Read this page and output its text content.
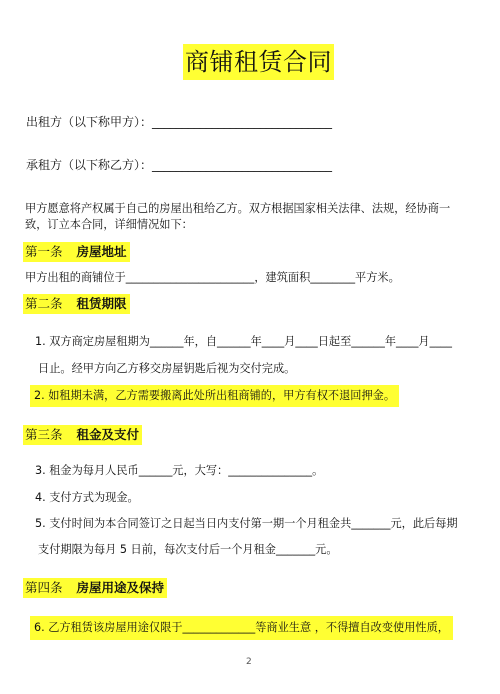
商铺租赁合同
出租方（以下称甲方）：______________________________
承租方（以下称乙方）：______________________________
甲方愿意将产权属于自己的房屋出租给乙方。双方根据国家相关法律、法规，经协商一
致，订立本合同，详细情况如下：
第一条 房屋地址
甲方出租的商铺位于_______________________，建筑面积________平方米。
第二条 租赁期限
1. 双方商定房屋租期为______年，自______年____月____日起至______年____月____
日止。经甲方向乙方移交房屋钥匙后视为交付完成。
2. 如租期未满，乙方需要搬离此处所出租商铺的，甲方有权不退回押金。
第三条 租金及支付
3. 租金为每月人民币______元，大写：_______________。
4. 支付方式为现金。
5. 支付时间为本合同签订之日起当日内支付第一期一个月租金共_______元，此后每期
支付期限为每月 5 日前，每次支付后一个月租金_______元。
第四条 房屋用途及保持
6. 乙方租赁该房屋用途仅限于_____________等商业生意 ，不得擅自改变使用性质，
2
